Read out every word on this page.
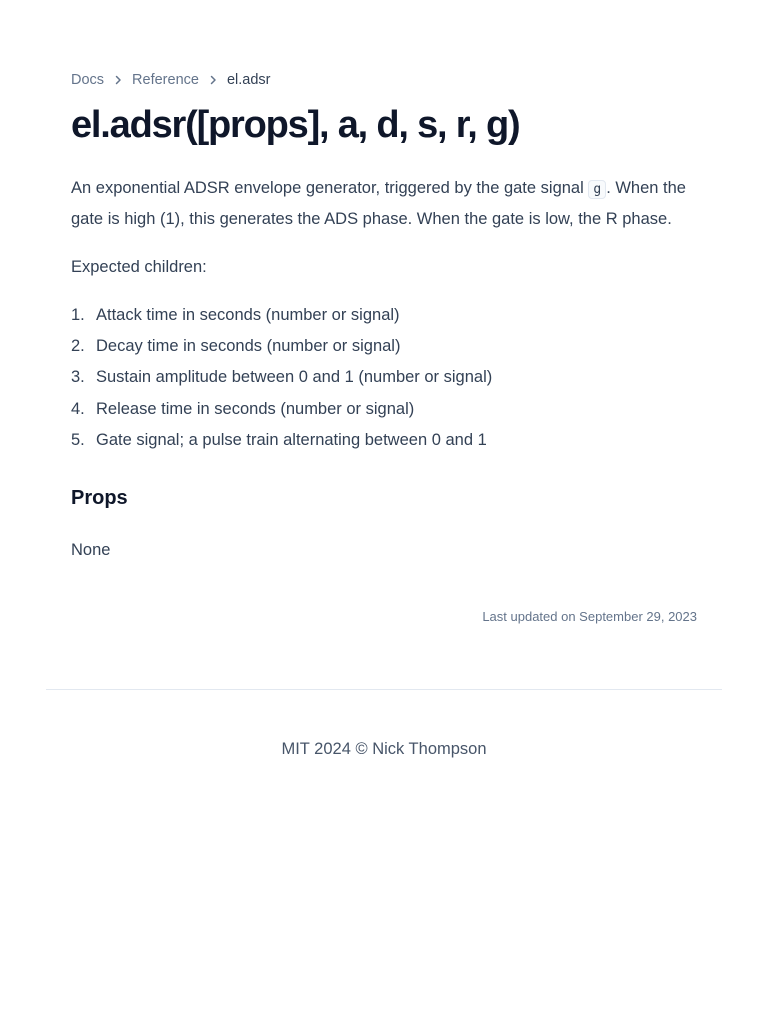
Docs Reference el.adsr
el.adsr([props], a, d, s, r, g)

An exponential ADSR envelope generator, triggered by the gate signal g . When the gate is high (1), this generates the ADS phase. When the gate is low, the R phase.

Expected children:

1. Attack time in seconds (number or signal)
2. Decay time in seconds (number or signal)
3. Sustain amplitude between 0 and 1 (number or signal)
4. Release time in seconds (number or signal)
5. Gate signal; a pulse train alternating between 0 and 1
Props

None

Last updated on September 29, 2023
MIT 2024 © Nick Thompson
